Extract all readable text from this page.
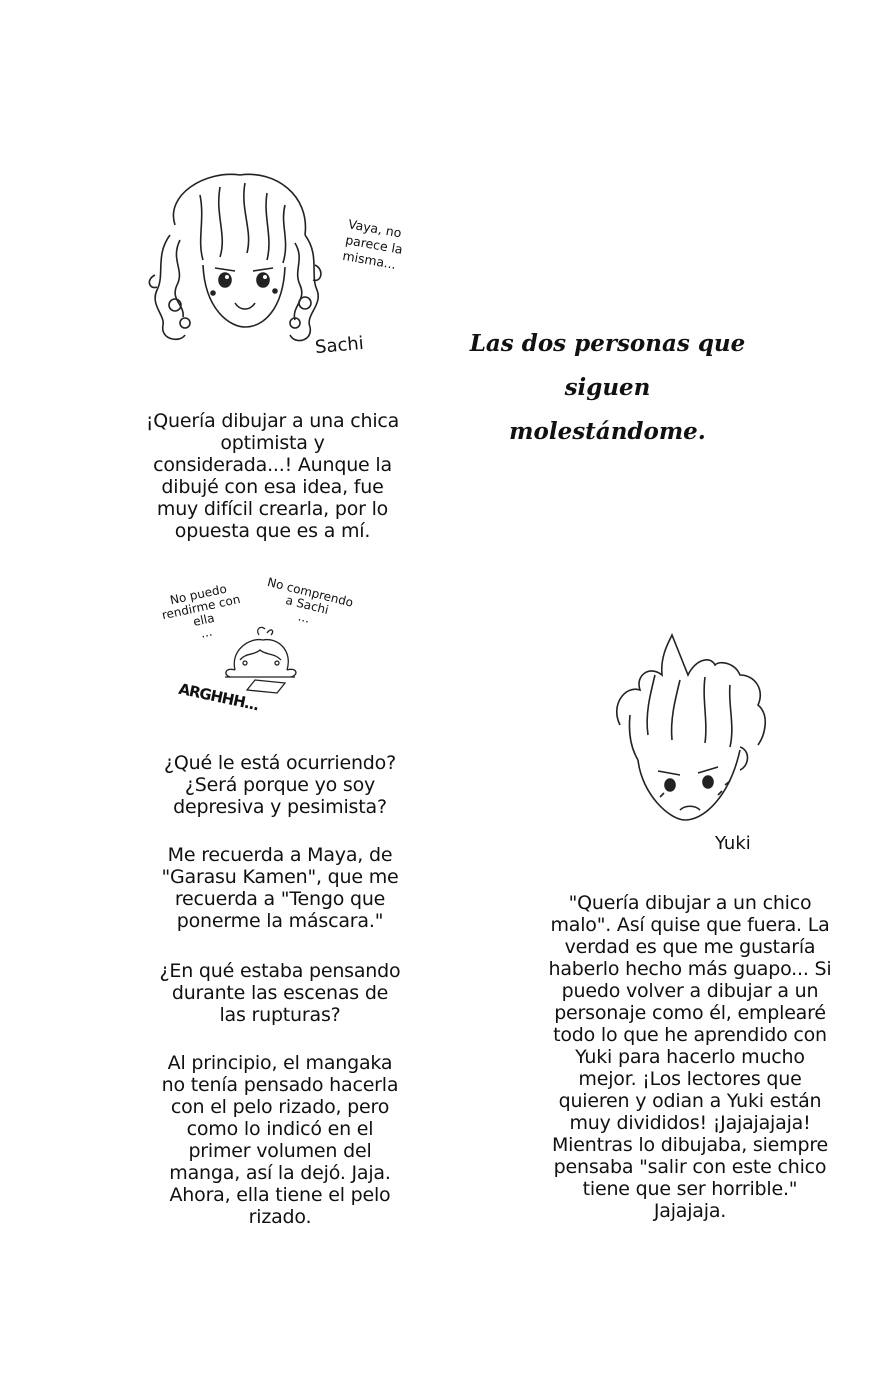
Sachi
Vaya, no
parece la
misma...
Las dos personas que siguen
molestándome.
¡Quería dibujar a una chica
optimista y
considerada...! Aunque la
dibujé con esa idea, fue
muy difícil crearla, por lo
opuesta que es a mí.
No puedo
rendirme con
ella
...
No comprendo
a Sachi
...
ARGHHH...
¿Qué le está ocurriendo?
¿Será porque yo soy
depresiva y pesimista?
Me recuerda a Maya, de
"Garasu Kamen", que me
recuerda a "Tengo que
ponerme la máscara."
¿En qué estaba pensando
durante las escenas de
las rupturas?
Al principio, el mangaka
no tenía pensado hacerla
con el pelo rizado, pero
como lo indicó en el
primer volumen del
manga, así la dejó. Jaja.
Ahora, ella tiene el pelo
rizado.
Yuki
"Quería dibujar a un chico
malo". Así quise que fuera. La
verdad es que me gustaría
haberlo hecho más guapo... Si
puedo volver a dibujar a un
personaje como él, emplearé
todo lo que he aprendido con
Yuki para hacerlo mucho
mejor. ¡Los lectores que
quieren y odian a Yuki están
muy divididos! ¡Jajajajaja!
Mientras lo dibujaba, siempre
pensaba "salir con este chico
tiene que ser horrible."
Jajajaja.
